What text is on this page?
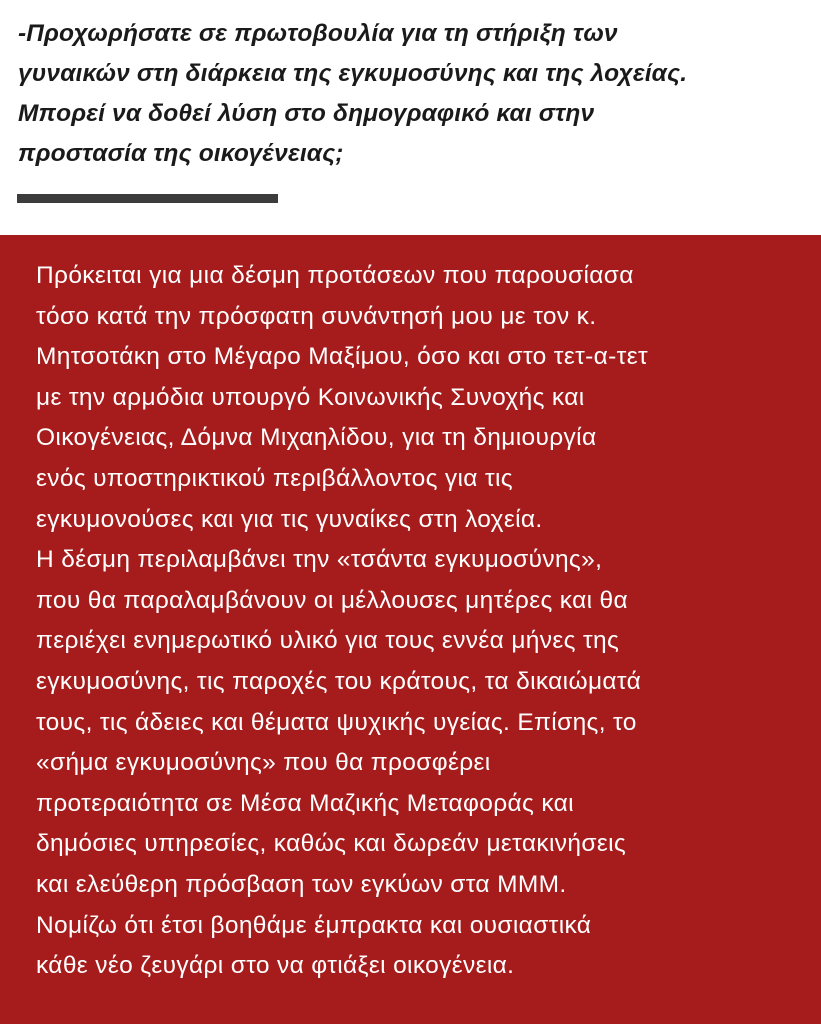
-Προχωρήσατε σε πρωτοβουλία για τη στήριξη των
γυναικών στη διάρκεια της εγκυμοσύνης και της λοχείας.
Μπορεί να δοθεί λύση στο δημογραφικό και στην
προστασία της οικογένειας;

Πρόκειται για μια δέσμη προτάσεων που παρουσίασα
τόσο κατά την πρόσφατη συνάντησή μου με τον κ.
Μητσοτάκη στο Μέγαρο Μαξίμου, όσο και στο τετ-α-τετ
με την αρμόδια υπουργό Κοινωνικής Συνοχής και
Οικογένειας, Δόμνα Μιχαηλίδου, για τη δημιουργία
ενός υποστηρικτικού περιβάλλοντος για τις
εγκυμονούσες και για τις γυναίκες στη λοχεία.
Η δέσμη περιλαμβάνει την «τσάντα εγκυμοσύνης»,
που θα παραλαμβάνουν οι μέλλουσες μητέρες και θα
περιέχει ενημερωτικό υλικό για τους εννέα μήνες της
εγκυμοσύνης, τις παροχές του κράτους, τα δικαιώματά
τους, τις άδειες και θέματα ψυχικής υγείας. Επίσης, το
«σήμα εγκυμοσύνης» που θα προσφέρει
προτεραιότητα σε Μέσα Μαζικής Μεταφοράς και
δημόσιες υπηρεσίες, καθώς και δωρεάν μετακινήσεις
και ελεύθερη πρόσβαση των εγκύων στα ΜΜΜ.
Νομίζω ότι έτσι βοηθάμε έμπρακτα και ουσιαστικά
κάθε νέο ζευγάρι στο να φτιάξει οικογένεια.
